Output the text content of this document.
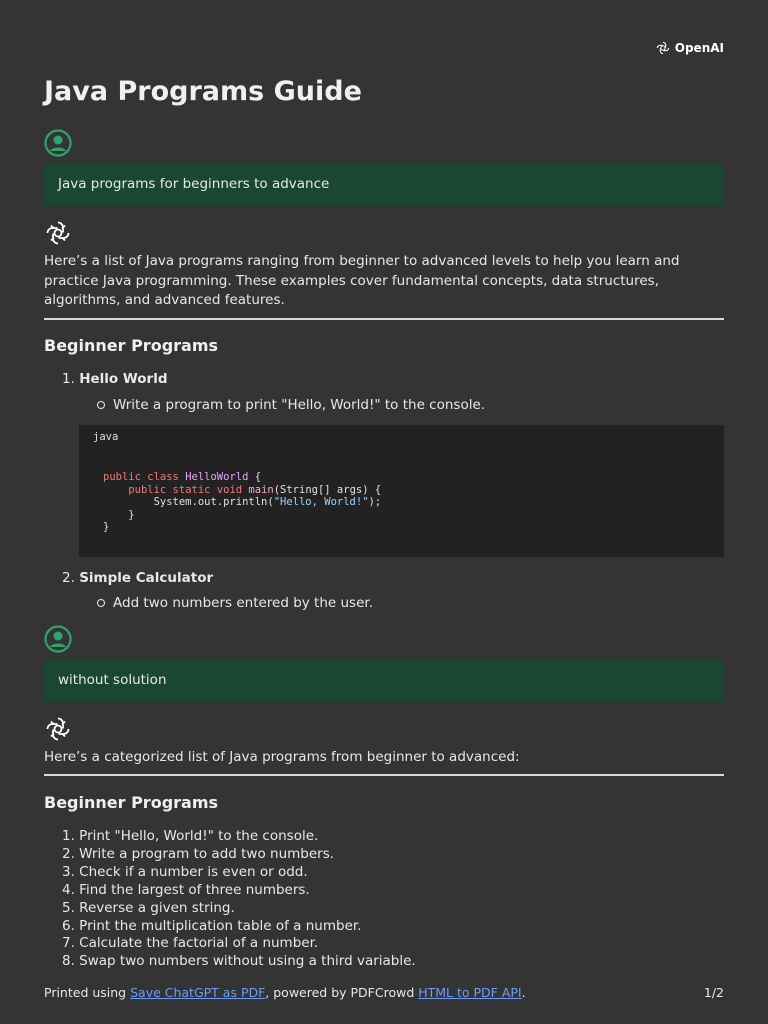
OpenAI
Java Programs Guide
Java programs for beginners to advance

Here’s a list of Java programs ranging from beginner to advanced levels to help you learn and practice Java programming. These examples cover fundamental concepts, data structures, algorithms, and advanced features.

Beginner Programs
1. Hello World
Write a program to print "Hello, World!" to the console.
java
public class HelloWorld {
public static void main(String[] args) {
System.out.println("Hello, World!");
}
}
2. Simple Calculator
Add two numbers entered by the user.
without solution

Here’s a categorized list of Java programs from beginner to advanced:

Beginner Programs
1. Print "Hello, World!" to the console.
2. Write a program to add two numbers.
3. Check if a number is even or odd.
4. Find the largest of three numbers.
5. Reverse a given string.
6. Print the multiplication table of a number.
7. Calculate the factorial of a number.
8. Swap two numbers without using a third variable.
Printed using Save ChatGPT as PDF, powered by PDFCrowd HTML to PDF API.	1/2
